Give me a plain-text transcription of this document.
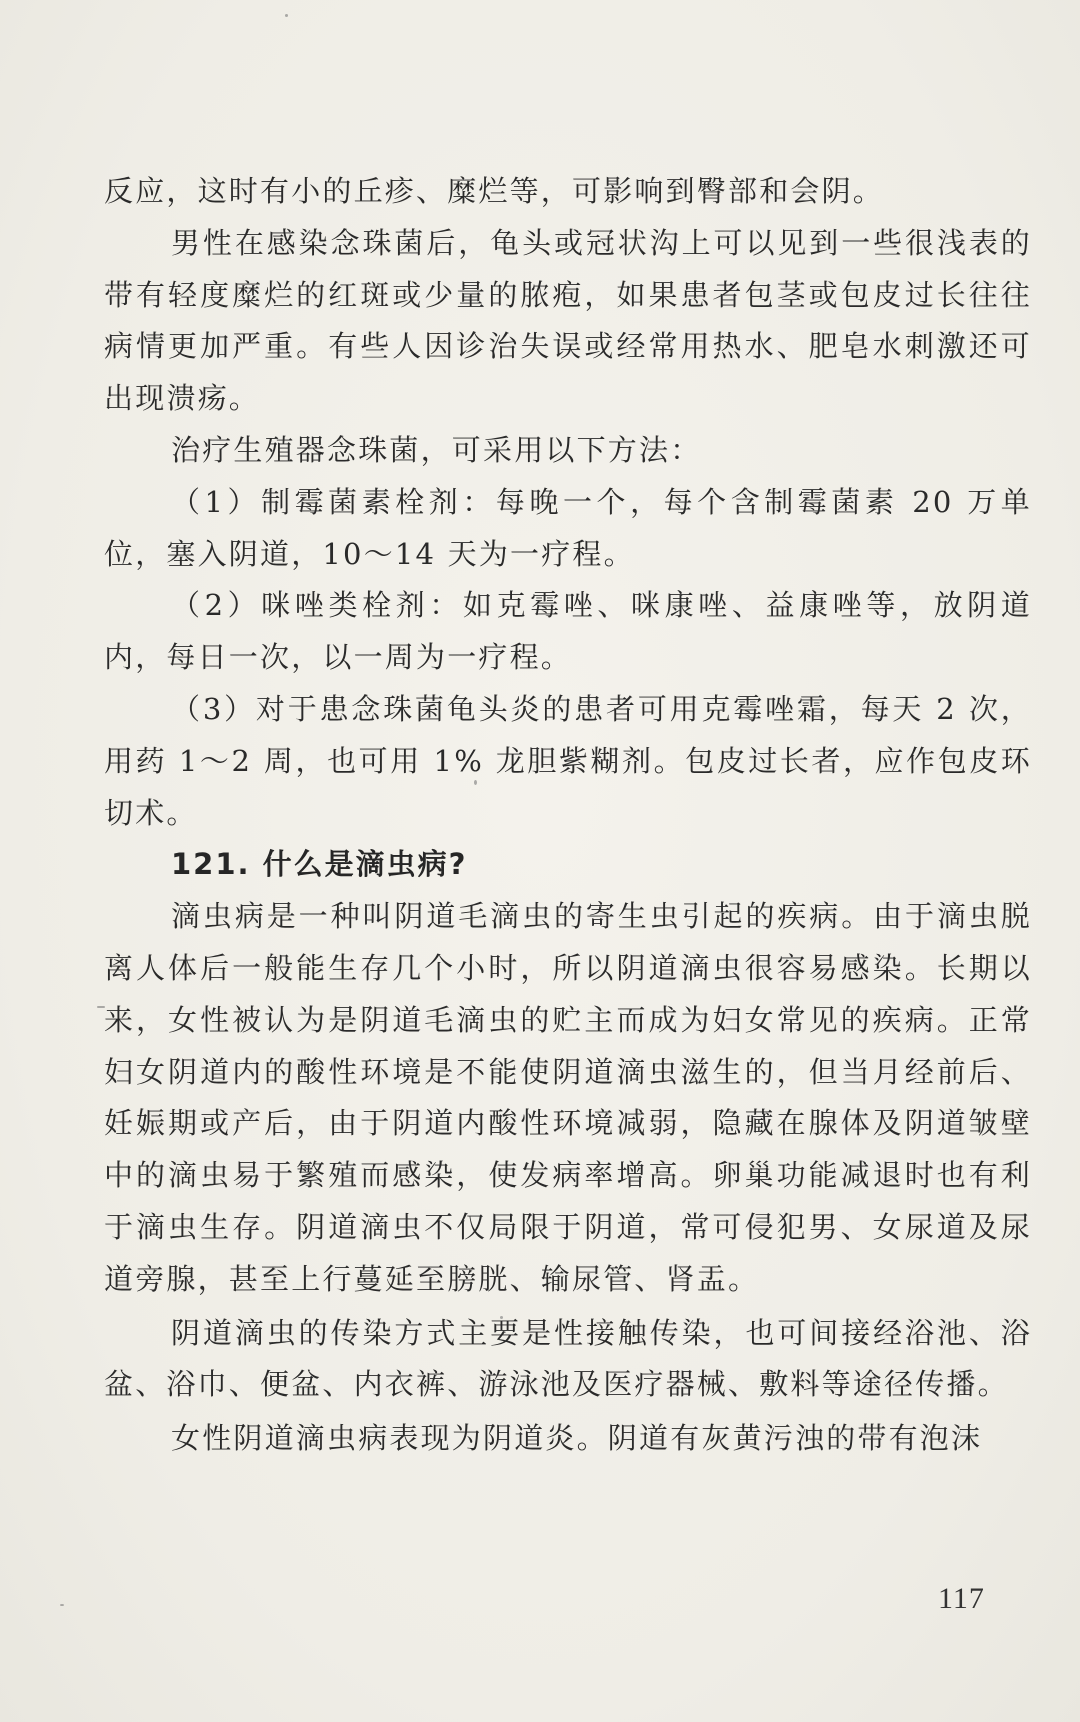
反应，这时有小的丘疹、糜烂等，可影响到臀部和会阴。

男性在感染念珠菌后，龟头或冠状沟上可以见到一些很浅表的带有轻度糜烂的红斑或少量的脓疱，如果患者包茎或包皮过长往往病情更加严重。有些人因诊治失误或经常用热水、肥皂水刺激还可出现溃疡。

治疗生殖器念珠菌，可采用以下方法：

（1）制霉菌素栓剂：每晚一个，每个含制霉菌素 20 万单位，塞入阴道，10～14 天为一疗程。

（2）咪唑类栓剂：如克霉唑、咪康唑、益康唑等，放阴道内，每日一次，以一周为一疗程。

（3）对于患念珠菌龟头炎的患者可用克霉唑霜，每天 2 次，用药 1～2 周，也可用 1% 龙胆紫糊剂。包皮过长者，应作包皮环切术。

121. 什么是滴虫病?

滴虫病是一种叫阴道毛滴虫的寄生虫引起的疾病。由于滴虫脱离人体后一般能生存几个小时，所以阴道滴虫很容易感染。长期以来，女性被认为是阴道毛滴虫的贮主而成为妇女常见的疾病。正常妇女阴道内的酸性环境是不能使阴道滴虫滋生的，但当月经前后、妊娠期或产后，由于阴道内酸性环境减弱，隐藏在腺体及阴道皱壁中的滴虫易于繁殖而感染，使发病率增高。卵巢功能减退时也有利于滴虫生存。阴道滴虫不仅局限于阴道，常可侵犯男、女尿道及尿道旁腺，甚至上行蔓延至膀胱、输尿管、肾盂。

阴道滴虫的传染方式主要是性接触传染，也可间接经浴池、浴盆、浴巾、便盆、内衣裤、游泳池及医疗器械、敷料等途径传播。

女性阴道滴虫病表现为阴道炎。阴道有灰黄污浊的带有泡沫

117
